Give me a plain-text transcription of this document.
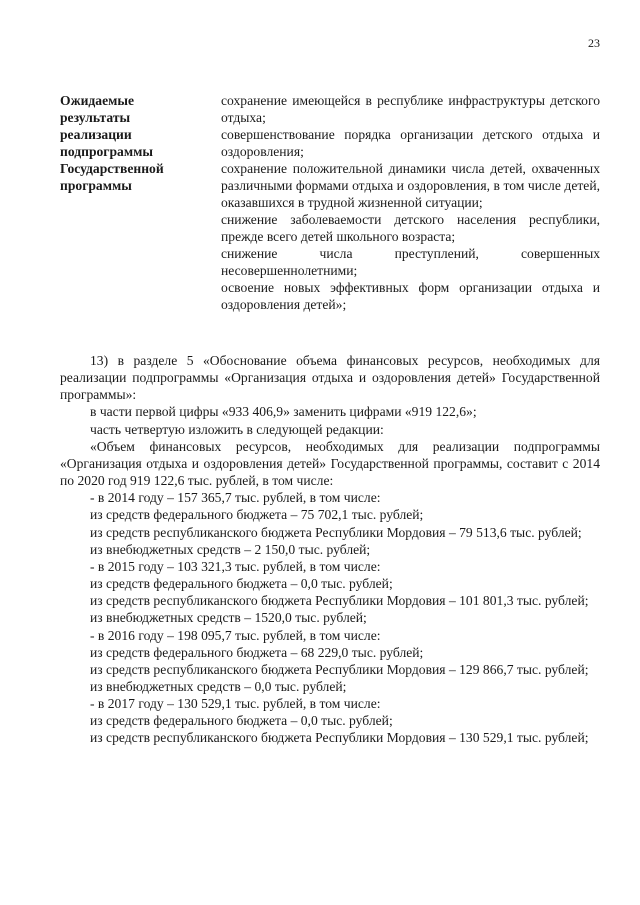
23
Ожидаемые
результаты
реализации
подпрограммы
Государственной
программы
сохранение имеющейся в республике инфраструктуры детского отдыха;
совершенствование порядка организации детского отдыха и оздоровления;
сохранение положительной динамики числа детей, охваченных различными формами отдыха и оздоровления, в том числе детей, оказавшихся в трудной жизненной ситуации;
снижение заболеваемости детского населения республики, прежде всего детей школьного возраста;
снижение числа преступлений, совершенных несовершеннолетними;
освоение новых эффективных форм организации отдыха и оздоровления детей»;

13) в разделе 5 «Обоснование объема финансовых ресурсов, необходимых для реализации подпрограммы «Организация отдыха и оздоровления детей» Государственной программы»:

в части первой цифры «933 406,9» заменить цифрами «919 122,6»;

часть четвертую изложить в следующей редакции:

«Объем финансовых ресурсов, необходимых для реализации подпрограммы «Организация отдыха и оздоровления детей» Государственной программы, составит с 2014 по 2020 год 919 122,6 тыс. рублей, в том числе:

- в 2014 году – 157 365,7 тыс. рублей, в том числе:

из средств федерального бюджета – 75 702,1 тыс. рублей;

из средств республиканского бюджета Республики Мордовия – 79 513,6 тыс. рублей;

из внебюджетных средств – 2 150,0 тыс. рублей;

- в 2015 году – 103 321,3 тыс. рублей, в том числе:

из средств федерального бюджета – 0,0 тыс. рублей;

из средств республиканского бюджета Республики Мордовия – 101 801,3 тыс. рублей;

из внебюджетных средств – 1520,0 тыс. рублей;

- в 2016 году – 198 095,7 тыс. рублей, в том числе:

из средств федерального бюджета – 68 229,0 тыс. рублей;

из средств республиканского бюджета Республики Мордовия – 129 866,7 тыс. рублей;

из внебюджетных средств – 0,0 тыс. рублей;

- в 2017 году – 130 529,1 тыс. рублей, в том числе:

из средств федерального бюджета – 0,0 тыс. рублей;

из средств республиканского бюджета Республики Мордовия – 130 529,1 тыс. рублей;
